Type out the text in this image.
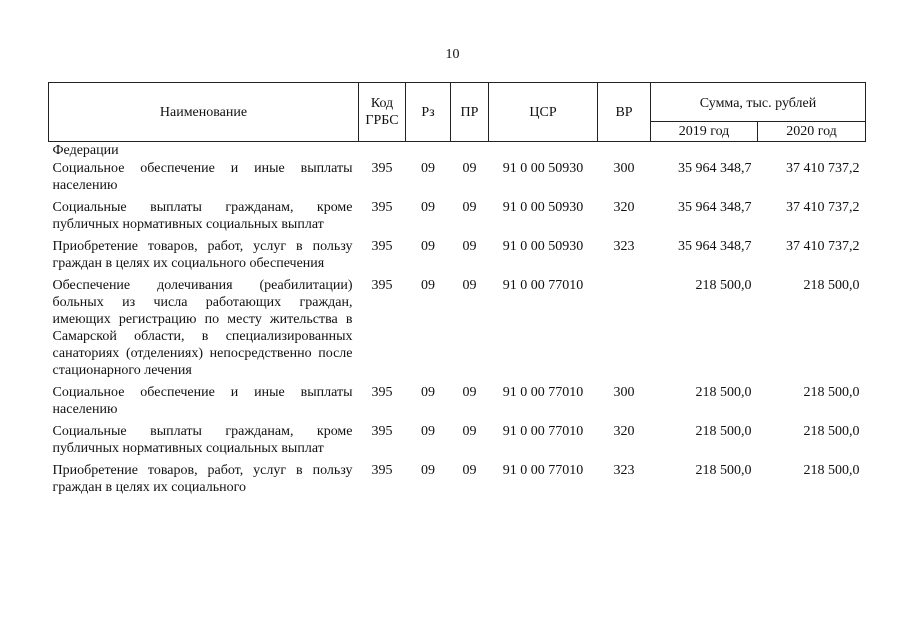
10
Наименование	Код ГРБС	Рз	ПР	ЦСР	ВР	Сумма, тыс. рублей	
						2019 год	2020 год
Федерации							
Социальное обеспечение и иные выплаты населению	395	09	09	91 0 00 50930	300	35 964 348,7	37 410 737,2
Социальные выплаты гражданам, кроме публичных нормативных социальных выплат	395	09	09	91 0 00 50930	320	35 964 348,7	37 410 737,2
Приобретение товаров, работ, услуг в пользу граждан в целях их социального обеспечения	395	09	09	91 0 00 50930	323	35 964 348,7	37 410 737,2
Обеспечение долечивания (реабилитации) больных из числа работающих граждан, имеющих регистрацию по месту жительства в Самарской области, в специализированных санаториях (отделениях) непосредственно после стационарного лечения	395	09	09	91 0 00 77010		218 500,0	218 500,0
Социальное обеспечение и иные выплаты населению	395	09	09	91 0 00 77010	300	218 500,0	218 500,0
Социальные выплаты гражданам, кроме публичных нормативных социальных выплат	395	09	09	91 0 00 77010	320	218 500,0	218 500,0
Приобретение товаров, работ, услуг в пользу граждан в целях их социального	395	09	09	91 0 00 77010	323	218 500,0	218 500,0
